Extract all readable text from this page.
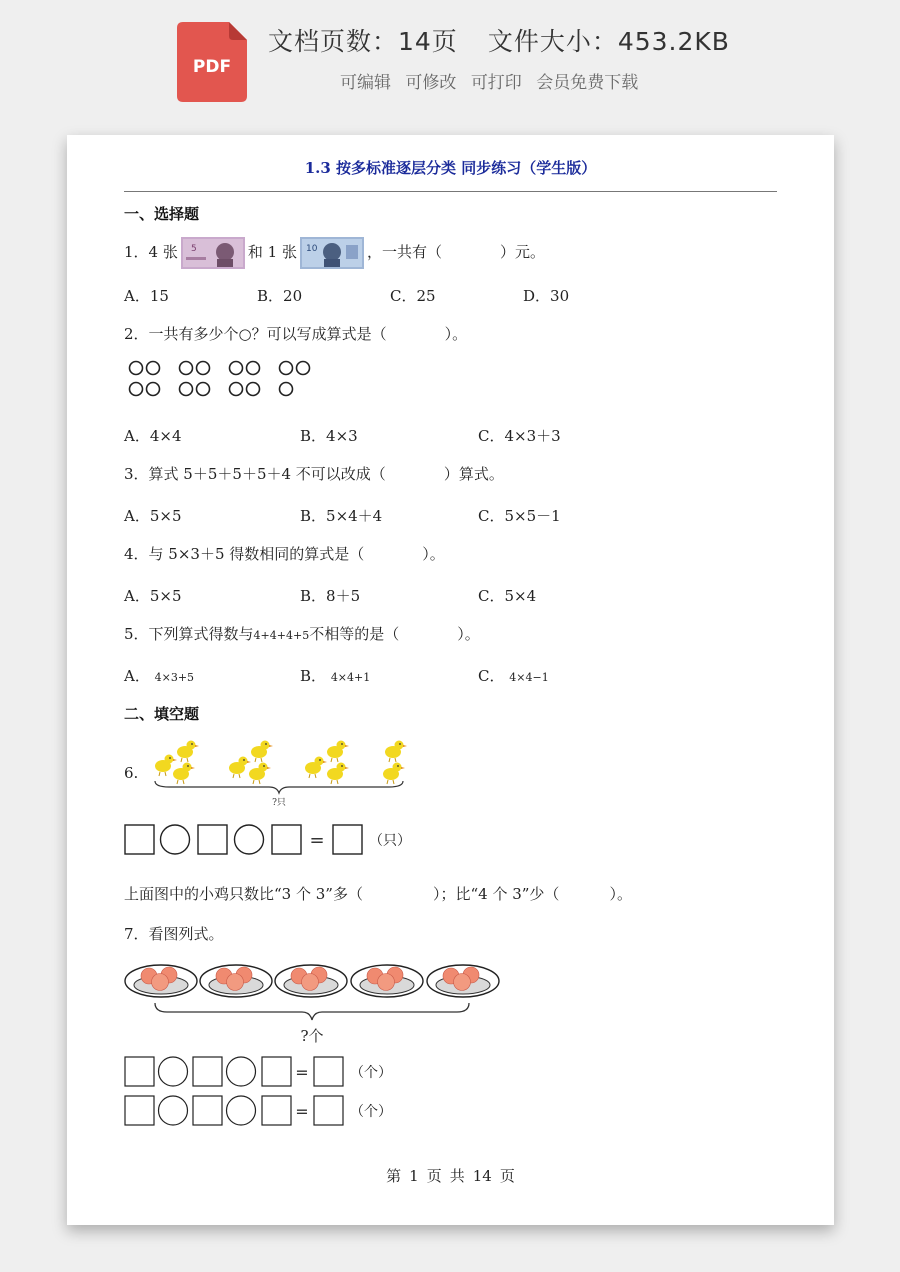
PDF
文档页数：14页 文件大小：453.2KB
可编辑 可修改 可打印 会员免费下载
1.3 按多标准逐层分类 同步练习（学生版）
一、选择题
1．4 张 5	和 1 张 10	，一共有（	）元。
A．15	B．20	C．25	D．30
2．一共有多少个○？可以写成算式是（	）。
A．4×4	B．4×3	C．4×3＋3
3．算式 5＋5＋5＋5＋4 不可以改成（	）算式。
A．5×5	B．5×4＋4	C．5×5－1
4．与 5×3＋5 得数相同的算式是（	）。
A．5×5	B．8＋5	C．5×4
5．下列算式得数与4+4+4+5不相等的是（	）。
A． 4×3+5	B． 4×4+1	C． 4×4−1
二、填空题
6.
?只
=	（只）
上面图中的小鸡只数比“3 个 3”多（	）；比“4 个 3”少（	）。
7．看图列式。
?个
=	（个）
=	（个）
第 1 页 共 14 页
